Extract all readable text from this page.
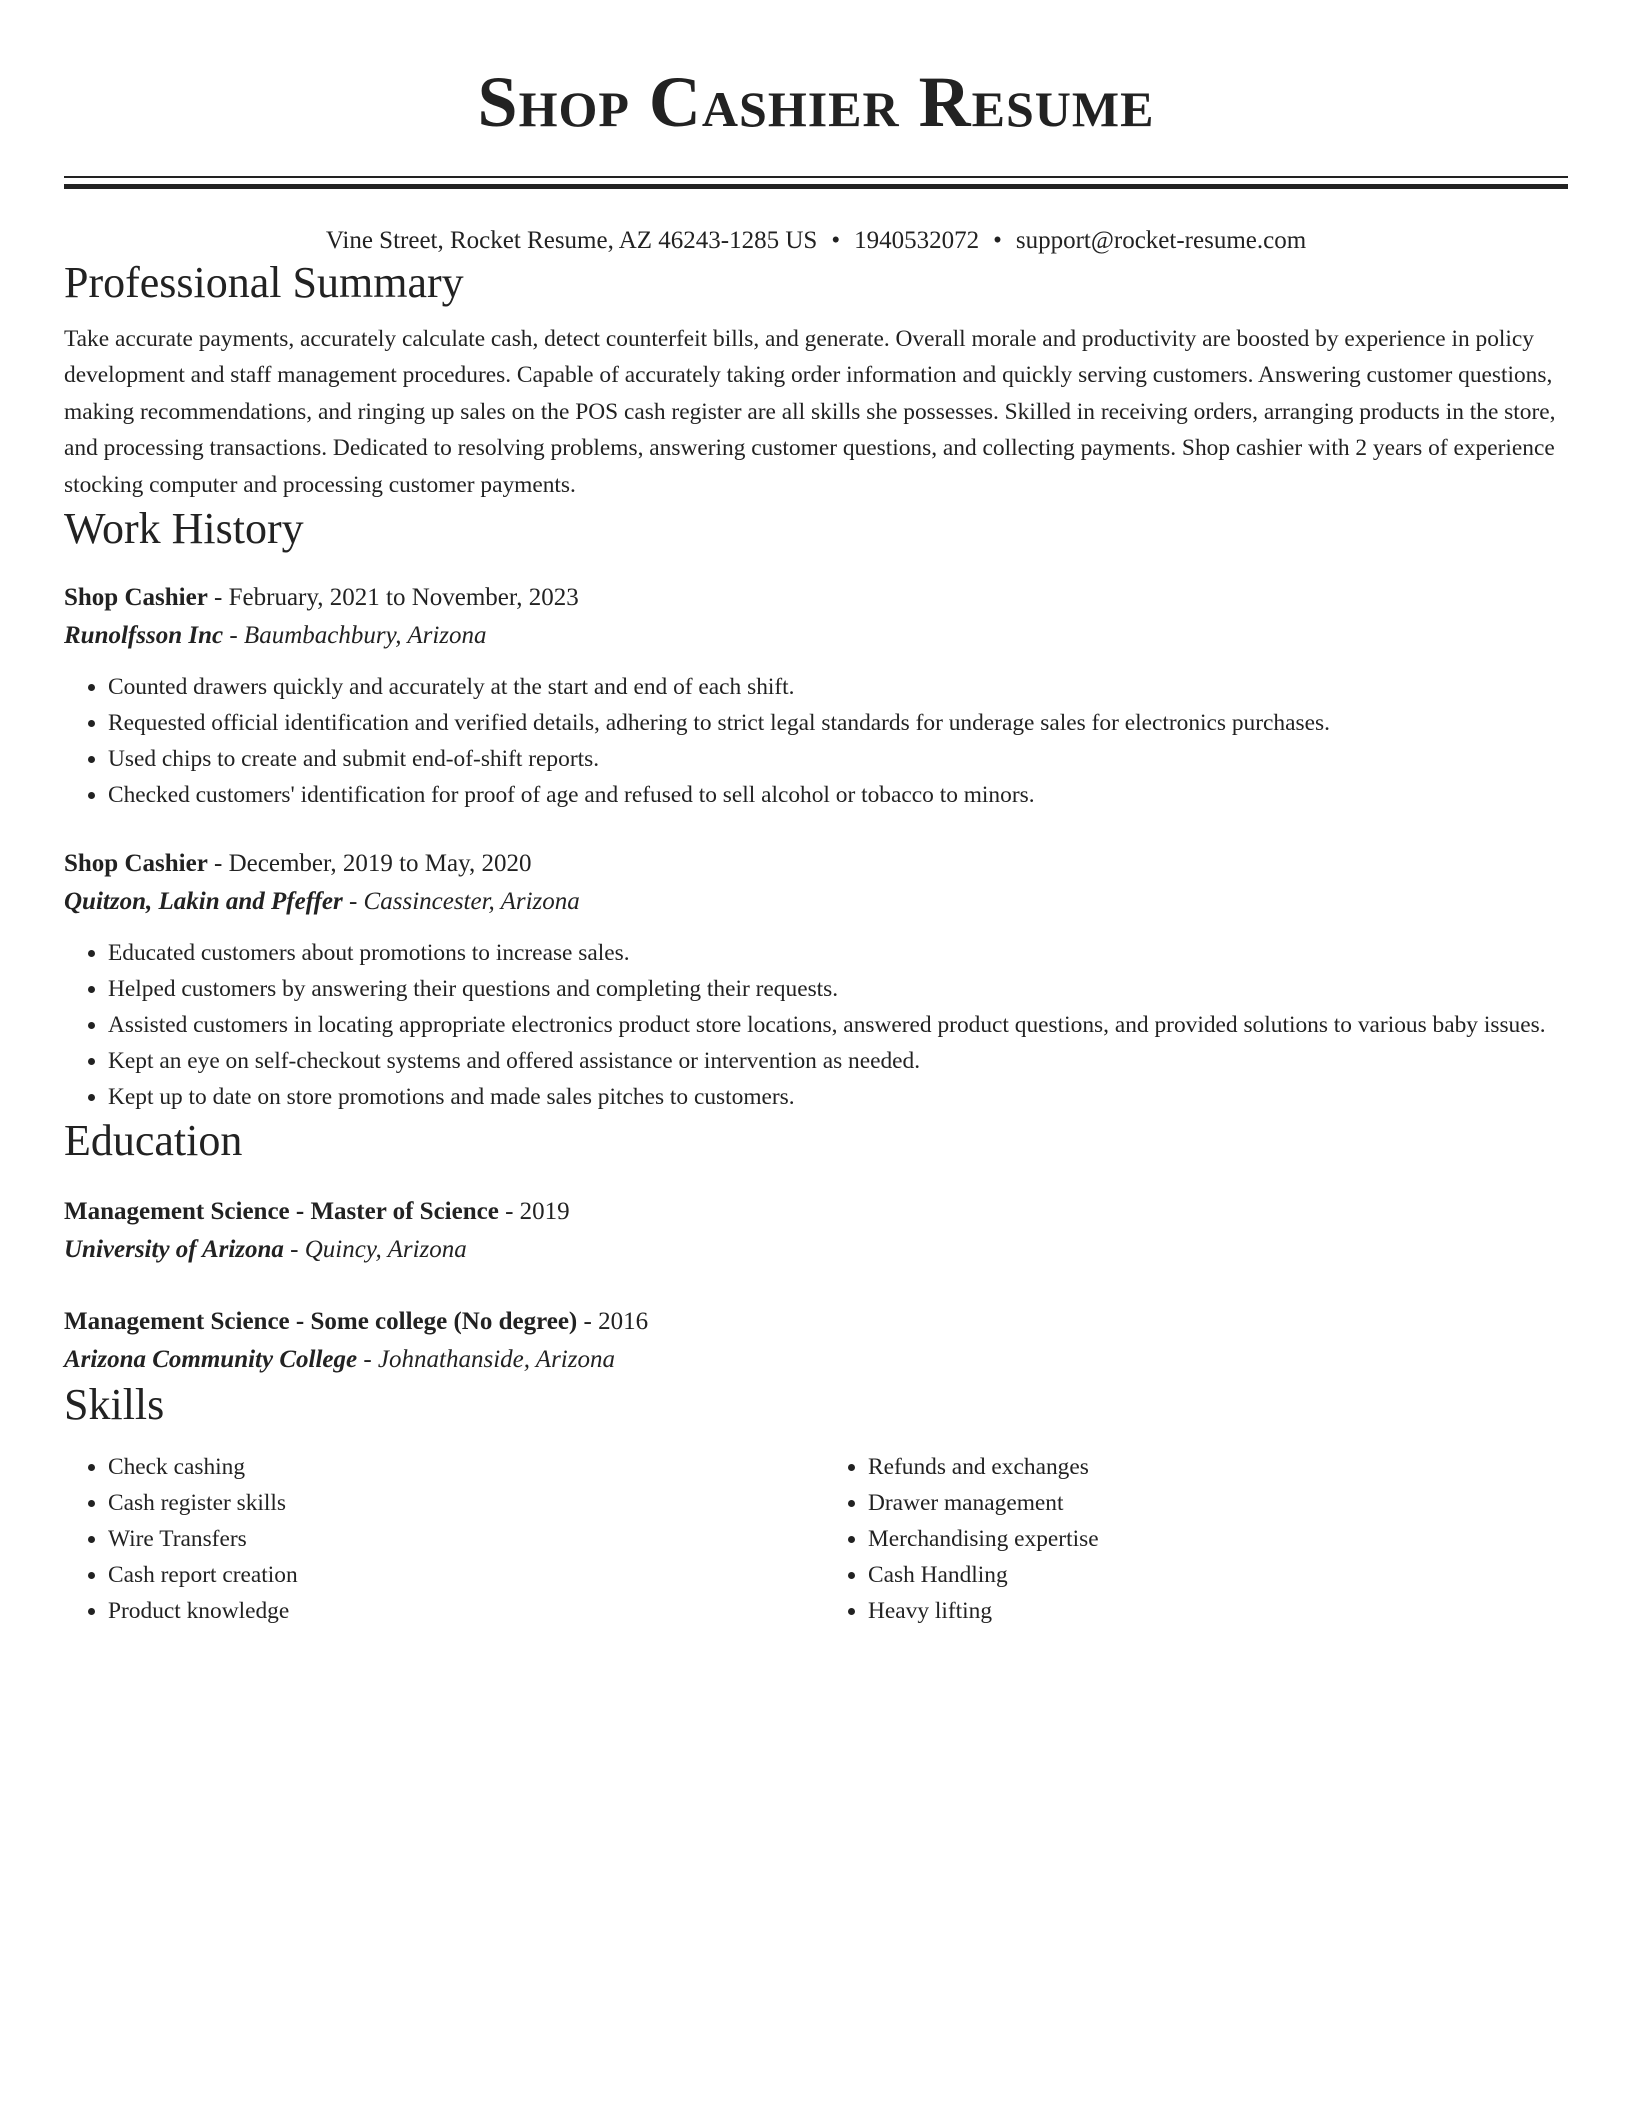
Shop Cashier Resume
Vine Street, Rocket Resume, AZ 46243-1285 US • 1940532072 • support@rocket-resume.com
Professional Summary
Take accurate payments, accurately calculate cash, detect counterfeit bills, and generate. Overall morale and productivity are boosted by experience in policy development and staff management procedures. Capable of accurately taking order information and quickly serving customers. Answering customer questions, making recommendations, and ringing up sales on the POS cash register are all skills she possesses. Skilled in receiving orders, arranging products in the store, and processing transactions. Dedicated to resolving problems, answering customer questions, and collecting payments. Shop cashier with 2 years of experience stocking computer and processing customer payments.
Work History
Shop Cashier - February, 2021 to November, 2023
Runolfsson Inc - Baumbachbury, Arizona
• Counted drawers quickly and accurately at the start and end of each shift.
• Requested official identification and verified details, adhering to strict legal standards for underage sales for electronics purchases.
• Used chips to create and submit end-of-shift reports.
• Checked customers' identification for proof of age and refused to sell alcohol or tobacco to minors.
Shop Cashier - December, 2019 to May, 2020
Quitzon, Lakin and Pfeffer - Cassincester, Arizona
• Educated customers about promotions to increase sales.
• Helped customers by answering their questions and completing their requests.
• Assisted customers in locating appropriate electronics product store locations, answered product questions, and provided solutions to various baby issues.
• Kept an eye on self-checkout systems and offered assistance or intervention as needed.
• Kept up to date on store promotions and made sales pitches to customers.
Education
Management Science - Master of Science - 2019
University of Arizona - Quincy, Arizona
Management Science - Some college (No degree) - 2016
Arizona Community College - Johnathanside, Arizona
Skills
• Check cashing
• Cash register skills
• Wire Transfers
• Cash report creation
• Product knowledge
• Refunds and exchanges
• Drawer management
• Merchandising expertise
• Cash Handling
• Heavy lifting
